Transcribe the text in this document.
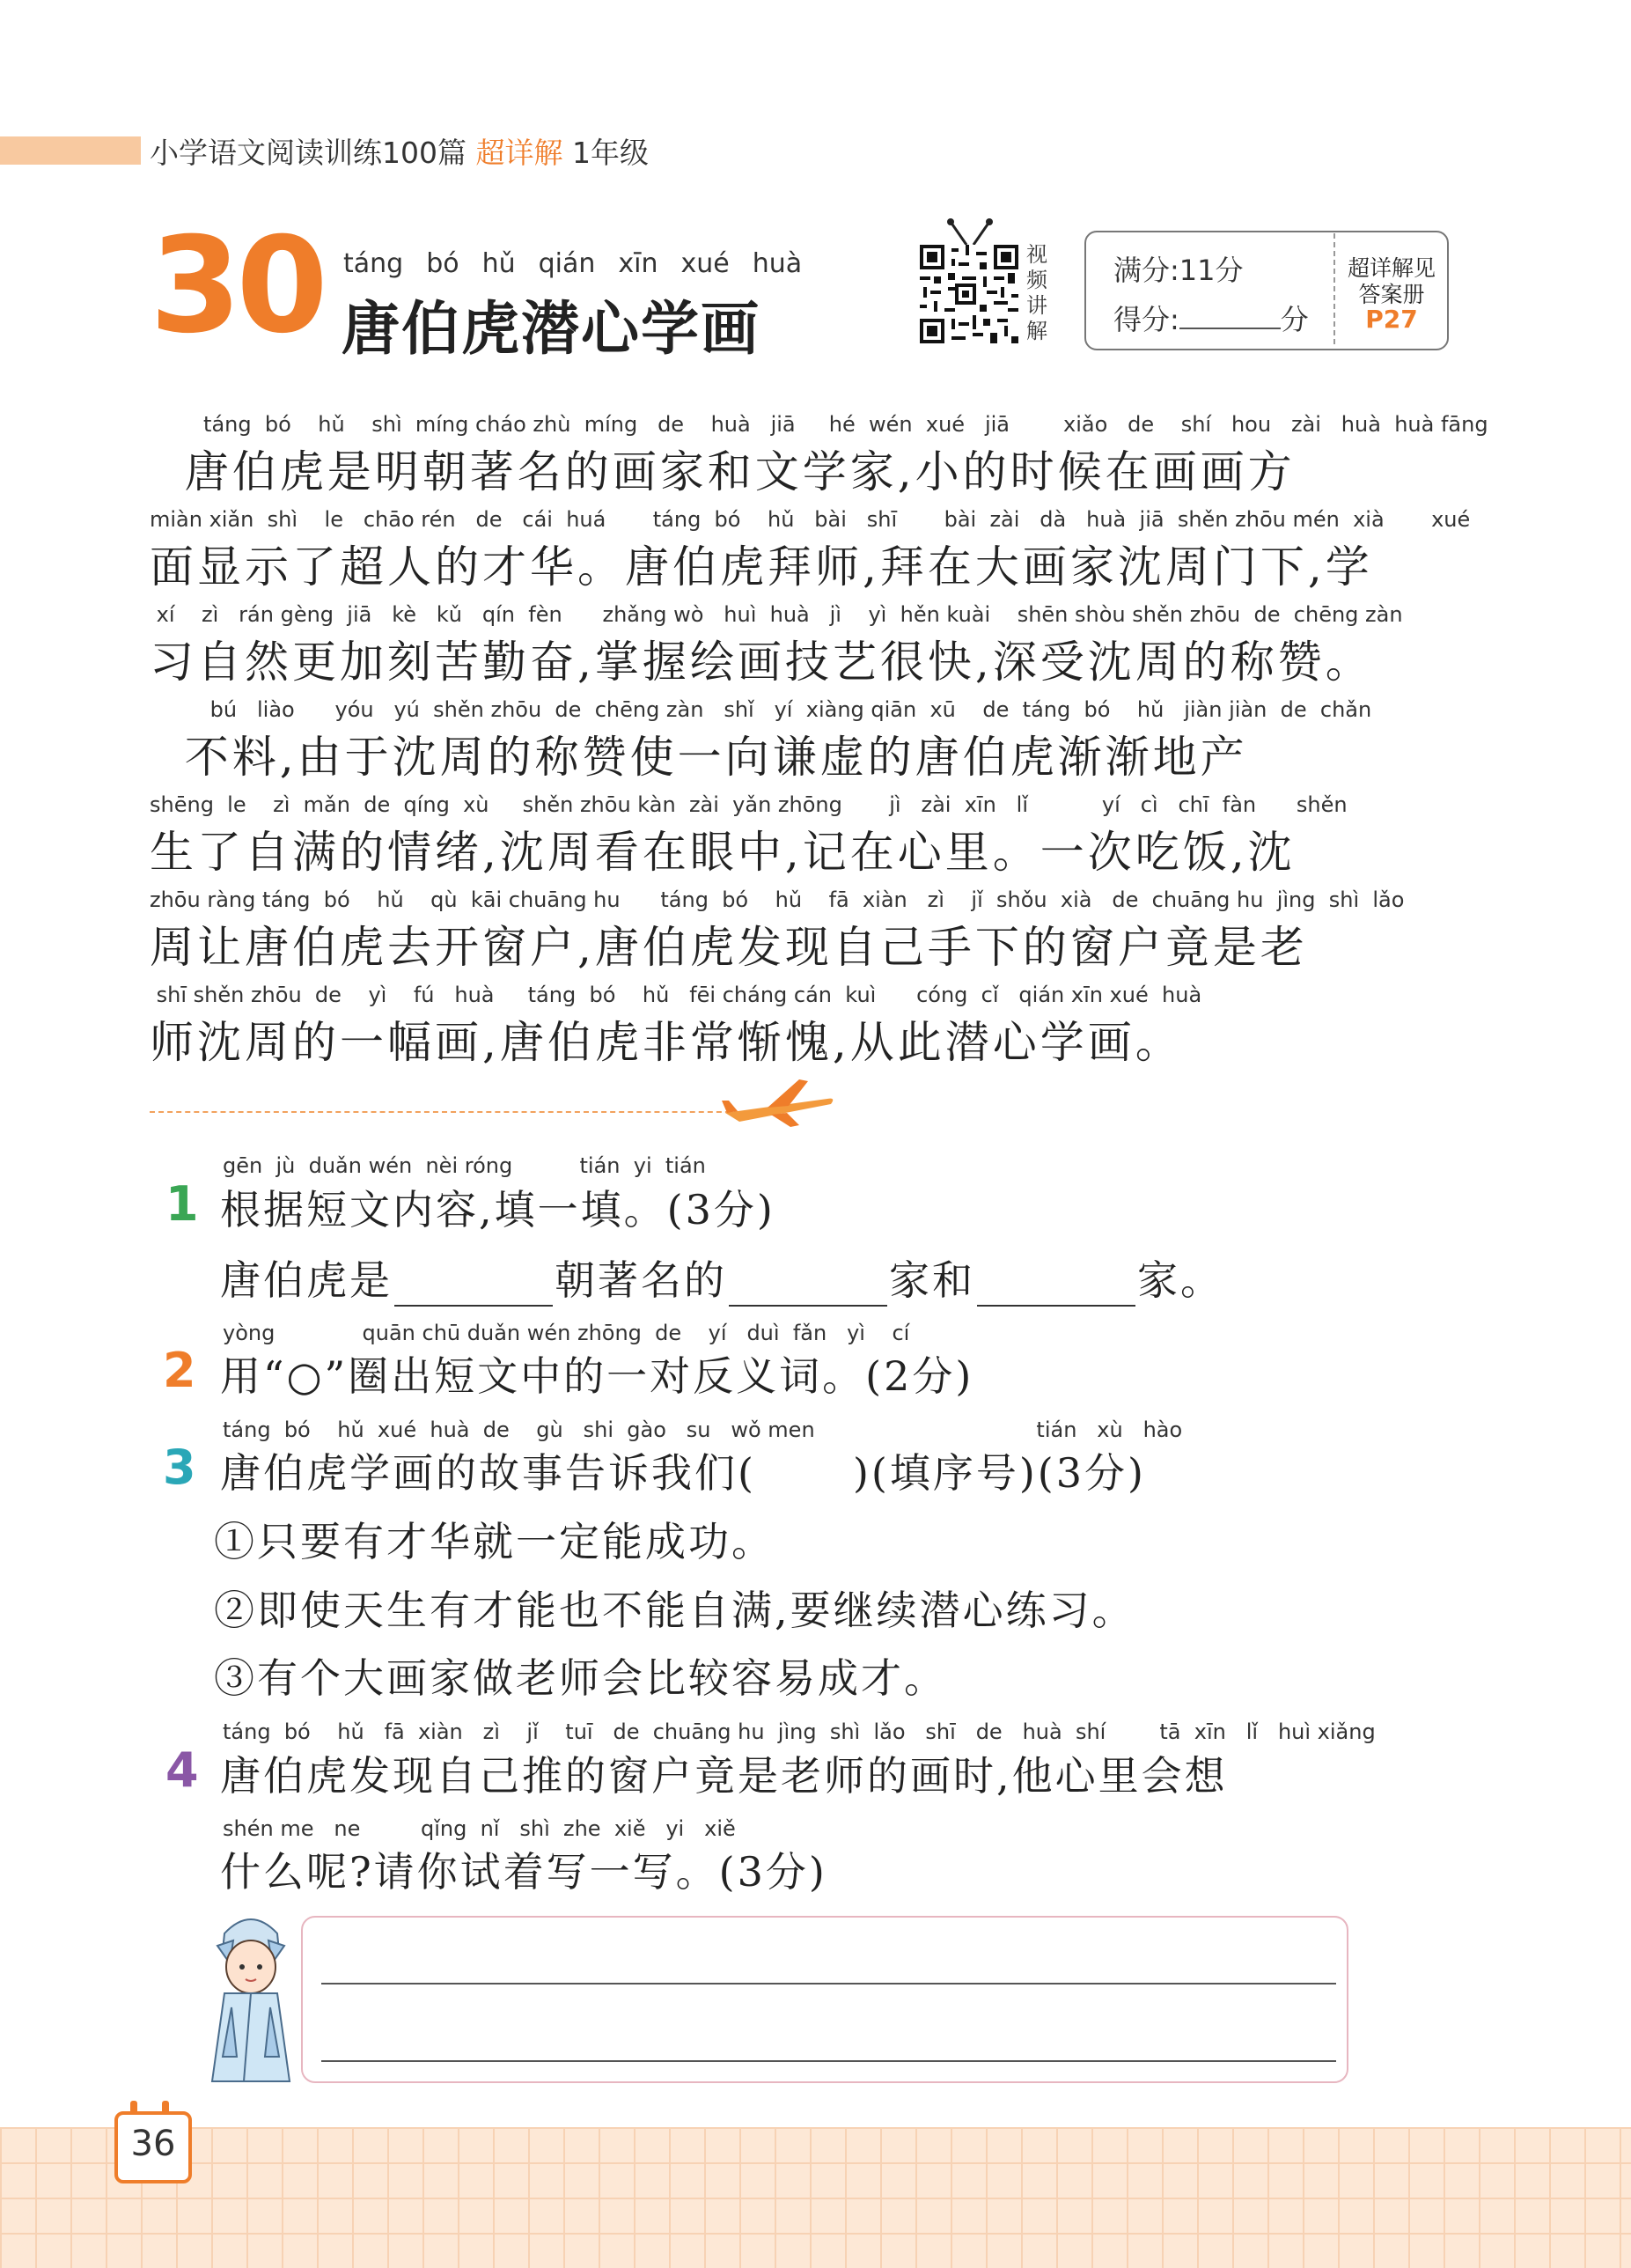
小学语文阅读训练100篇 超详解 1年级
30 táng bó hǔ qián xīn xué huà
唐伯虎潜心学画
视频讲解
满分:11分
得分:	分
超详解见
答案册
P27
táng  bó    hǔ    shì  míng cháo zhù  míng   de    huà   jiā     hé  wén  xué   jiā        xiǎo   de    shí   hou   zài   huà  huà fāng
唐伯虎是明朝著名的画家和文学家,小的时候在画画方
miàn xiǎn  shì    le   chāo rén   de   cái  huá       táng  bó    hǔ   bài   shī       bài  zài   dà   huà  jiā  shěn zhōu mén  xià       xué
面显示了超人的才华。唐伯虎拜师,拜在大画家沈周门下,学
xí    zì   rán gèng  jiā   kè   kǔ   qín  fèn      zhǎng wò   huì  huà   jì    yì  hěn kuài    shēn shòu shěn zhōu  de  chēng zàn
习自然更加刻苦勤奋,掌握绘画技艺很快,深受沈周的称赞。
bú   liào      yóu   yú  shěn zhōu  de  chēng zàn   shǐ   yí  xiàng qiān  xū    de  táng  bó    hǔ   jiàn jiàn  de  chǎn
不料,由于沈周的称赞使一向谦虚的唐伯虎渐渐地产
shēng  le    zì  mǎn  de  qíng  xù     shěn zhōu kàn  zài  yǎn zhōng       jì   zài  xīn   lǐ           yí   cì   chī  fàn      shěn
生了自满的情绪,沈周看在眼中,记在心里。一次吃饭,沈
zhōu ràng táng  bó    hǔ    qù  kāi chuāng hu      táng  bó    hǔ    fā  xiàn   zì    jǐ  shǒu  xià   de  chuāng hu  jìng  shì  lǎo
周让唐伯虎去开窗户,唐伯虎发现自己手下的窗户竟是老
shī shěn zhōu  de    yì    fú   huà     táng  bó    hǔ   fēi cháng cán  kuì      cóng  cǐ   qián xīn xué  huà
师沈周的一幅画,唐伯虎非常惭愧,从此潜心学画。
gēn  jù  duǎn wén  nèi róng          tián  yi  tián
1 根据短文内容,填一填。(3分)
唐伯虎是	朝著名的	家和	家。
yòng             quān chū duǎn wén zhōng  de    yí   duì  fǎn   yì    cí
2 用“○”圈出短文中的一对反义词。(2分)
táng  bó    hǔ  xué  huà  de    gù   shi  gào   su   wǒ men                                 tián   xù   hào
3 唐伯虎学画的故事告诉我们( )(填序号)(3分)
①只要有才华就一定能成功。
②即使天生有才能也不能自满,要继续潜心练习。
③有个大画家做老师会比较容易成才。
táng  bó    hǔ   fā  xiàn   zì    jǐ    tuī   de  chuāng hu  jìng  shì  lǎo   shī   de   huà  shí        tā  xīn   lǐ   huì xiǎng
4 唐伯虎发现自己推的窗户竟是老师的画时,他心里会想
shén me   ne         qǐng  nǐ   shì  zhe  xiě   yi   xiě
什么呢?请你试着写一写。(3分)
36
